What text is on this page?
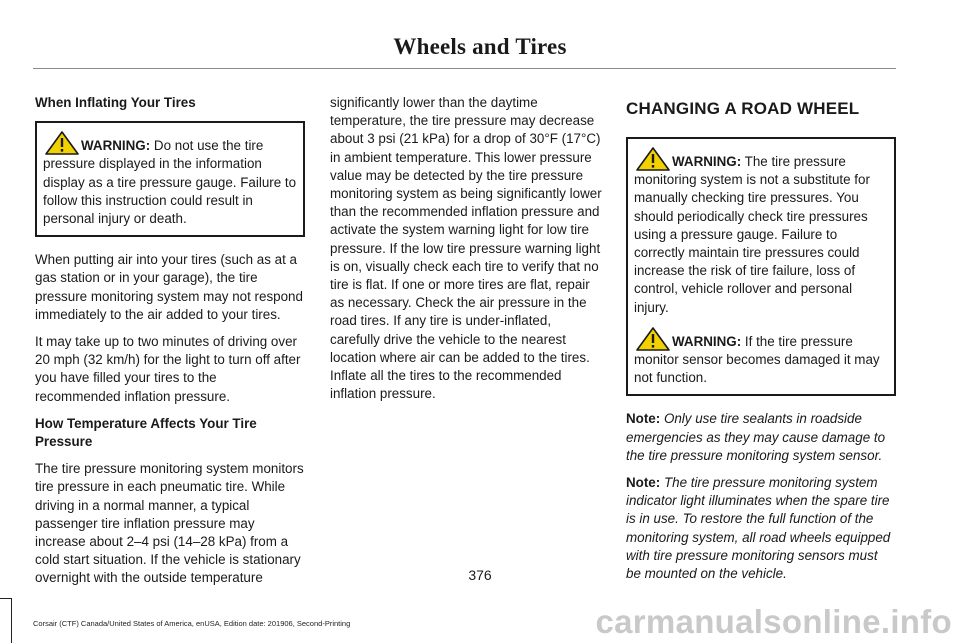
Wheels and Tires

When Inflating Your Tires

WARNING: Do not use the tire pressure displayed in the information display as a tire pressure gauge. Failure to follow this instruction could result in personal injury or death.

When putting air into your tires (such as at a gas station or in your garage), the tire pressure monitoring system may not respond immediately to the air added to your tires.

It may take up to two minutes of driving over 20 mph (32 km/h) for the light to turn off after you have filled your tires to the recommended inflation pressure.

How Temperature Affects Your Tire Pressure

The tire pressure monitoring system monitors tire pressure in each pneumatic tire. While driving in a normal manner, a typical passenger tire inflation pressure may increase about 2–4 psi (14–28 kPa) from a cold start situation. If the vehicle is stationary overnight with the outside temperature

significantly lower than the daytime temperature, the tire pressure may decrease about 3 psi (21 kPa) for a drop of 30°F (17°C) in ambient temperature. This lower pressure value may be detected by the tire pressure monitoring system as being significantly lower than the recommended inflation pressure and activate the system warning light for low tire pressure. If the low tire pressure warning light is on, visually check each tire to verify that no tire is flat. If one or more tires are flat, repair as necessary. Check the air pressure in the road tires. If any tire is under-inflated, carefully drive the vehicle to the nearest location where air can be added to the tires. Inflate all the tires to the recommended inflation pressure.

CHANGING A ROAD WHEEL
WARNING: The tire pressure monitoring system is not a substitute for manually checking tire pressures. You should periodically check tire pressures using a pressure gauge. Failure to correctly maintain tire pressures could increase the risk of tire failure, loss of control, vehicle rollover and personal injury.
WARNING: If the tire pressure monitor sensor becomes damaged it may not function.

Note: Only use tire sealants in roadside emergencies as they may cause damage to the tire pressure monitoring system sensor.

Note: The tire pressure monitoring system indicator light illuminates when the spare tire is in use. To restore the full function of the monitoring system, all road wheels equipped with tire pressure monitoring sensors must be mounted on the vehicle.

376
Corsair (CTF) Canada/United States of America, enUSA, Edition date: 201906, Second-Printing	carmanualsonline.info
